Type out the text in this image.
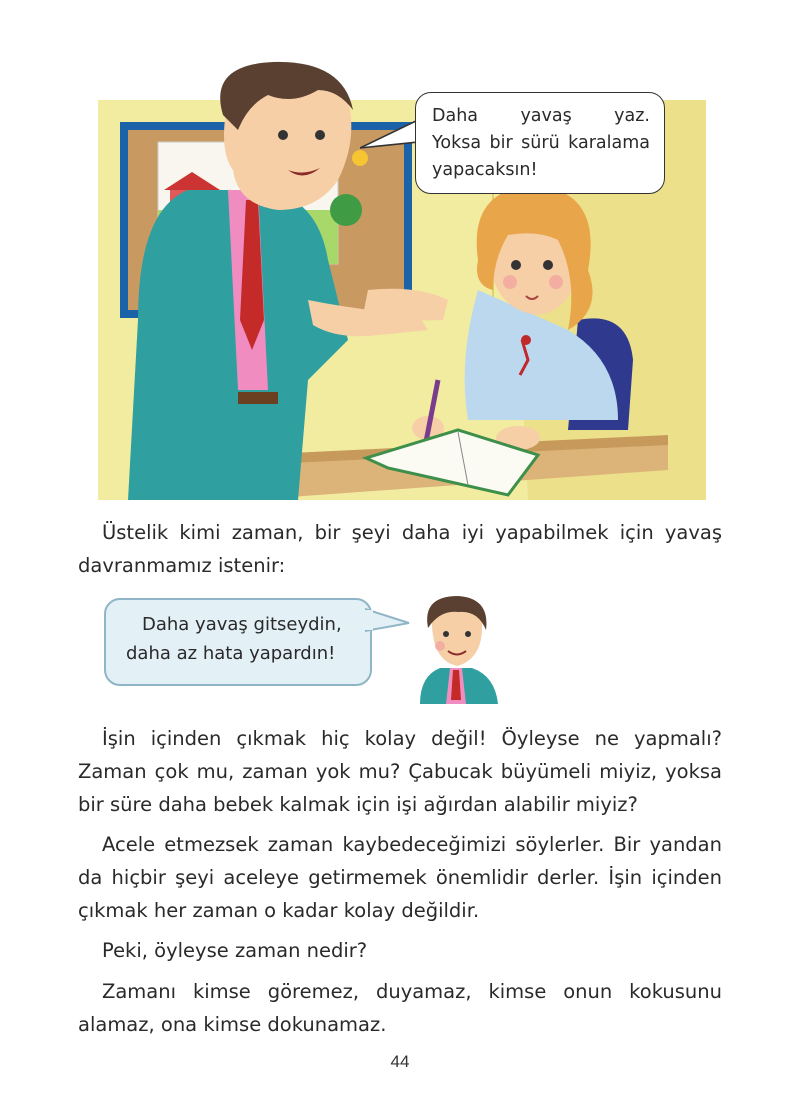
Daha yavaş yaz.
Yoksa bir sürü karalama
yapacaksın!
Üstelik kimi zaman, bir şeyi daha iyi yapabilmek için yavaş
davranmamız istenir:
Daha yavaş gitseydin,
daha az hata yapardın!
İşin içinden çıkmak hiç kolay değil! Öyleyse ne yapmalı?
Zaman çok mu, zaman yok mu? Çabucak büyümeli miyiz, yoksa
bir süre daha bebek kalmak için işi ağırdan alabilir miyiz?
Acele etmezsek zaman kaybedeceğimizi söylerler. Bir yandan
da hiçbir şeyi aceleye getirmemek önemlidir derler. İşin içinden
çıkmak her zaman o kadar kolay değildir.
Peki, öyleyse zaman nedir?
Zamanı kimse göremez, duyamaz, kimse onun kokusunu
alamaz, ona kimse dokunamaz.
44
